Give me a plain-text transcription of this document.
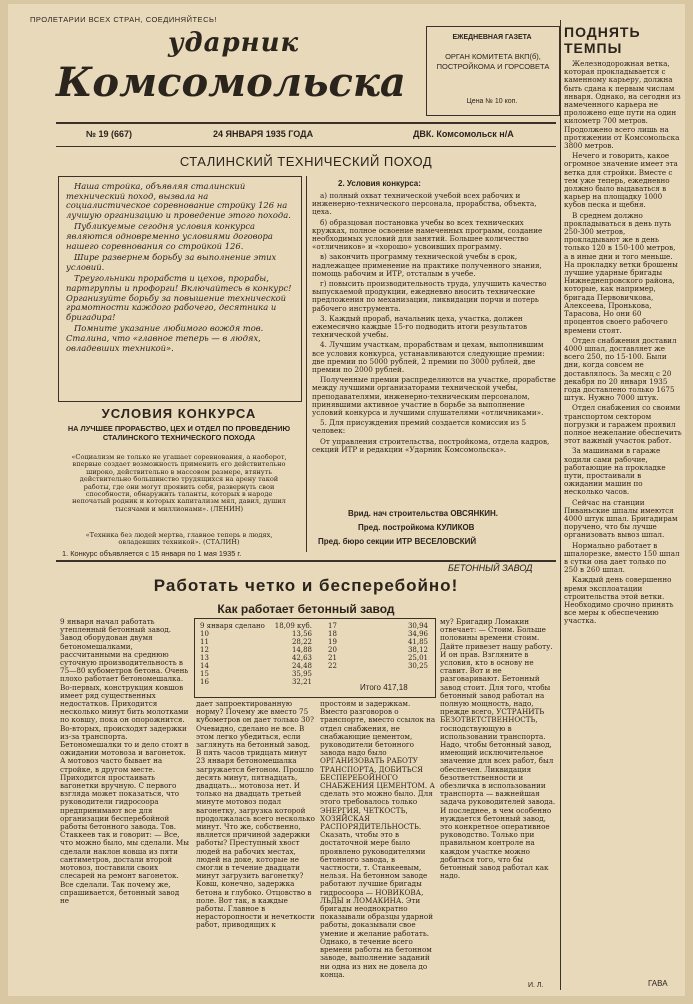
ПРОЛЕТАРИИ ВСЕХ СТРАН, СОЕДИНЯЙТЕСЬ!
ударник
Комсомольска
ЕЖЕДНЕВНАЯ ГАЗЕТА
ОРГАН КОМИТЕТА ВКП(б), ПОСТРОЙКОМА И ГОРСОВЕТА
Цена № 10 коп.
№ 19 (667)	24 ЯНВАРЯ 1935 ГОДА	ДВК. Комсомольск н/А
ПОДНЯТЬ ТЕМПЫ

Железнодорожная ветка, которая прокладывается с каменному карьеру, должна быть сдана к первым числам января. Однако, на сегодня из намеченного карьера не проложено еще пути на один километр 700 метров. Продолжено всего лишь на протяжении от Комсомольска 3800 метров.

Нечего и говорить, какое огромное значение имеет эта ветка для стройки. Вместе с тем уже теперь, ежедневно должно было выдаваться в карьер на площадку 1000 кубов песка и щебня.

В среднем должно прокладываться в день путь 250-300 метров, прокладывают же в день только 120 в 150-100 метров, а в иные дни и того меньше. На прокладку ветки брошены лучшие ударные бригады Нижнеднепровского района, которые, как например, бригада Первовичкова, Алексеева, Пронькова, Тарасова, Но они 60 процентов своего рабочего времени стоят.

Отдел снабжения доставил 4000 шпал, доставляет же всего 250, по 15-100. Были дни, когда совсем не доставлялось. За месяц с 20 декабря по 20 января 1935 года доставлено только 1675 штук. Нужно 7000 штук.

Отдел снабжения со своими транспортом сектором погрузки и гаражем проявил полное нежелание обеспечить этот важный участок работ.

За машинами в гараже ходили сами рабочие, работающие на прокладке пути, простаивали в ожидании машин по несколько часов.

Сейчас на станции Пиваньские шпалы имеются 4000 штук шпал. Бригадирам поручено, что бы лучше организовать вывоз шпал.

Нормально работает в шпалорезке, вместо 150 шпал в сутки она дает только по 250 в 260 шпал.

Каждый день совершенно время эксплоатации строительства этой ветки. Необходимо срочно принять все меры к обеспечению участка.

ГАВА
СТАЛИНСКИЙ ТЕХНИЧЕСКИЙ ПОХОД

Наша стройка, объявляя сталинский технический поход, вызвала на социалистическое соревнование стройку 126 на лучшую организацию и проведение этого похода.

Публикуемые сегодня условия конкурса являются одновременно условиями договора нашего соревнования со стройкой 126.

Шире развернем борьбу за выполнение этих условий.

Треугольники прорабств и цехов, прорабы, партгруппы и профорги! Включайтесь в конкурс! Организуйте борьбу за повышение технической грамотности каждого рабочего, десятника и бригадира!

Помните указание любимого вождя тов. Сталина, что «главное теперь — в людях, овладевших техникой».

УСЛОВИЯ КОНКУРСА
НА ЛУЧШЕЕ ПРОРАБСТВО, ЦЕХ И ОТДЕЛ ПО ПРОВЕДЕНИЮ СТАЛИНСКОГО ТЕХНИЧЕСКОГО ПОХОДА
«Социализм не только не угашает соревнования, а наоборот, впервые создает возможность применить его действительно широко, действительно в массовом размере, втянуть действительно большинство трудящихся на арену такой работы, где они могут проявить себя, развернуть свои способности, обнаружить таланты, которых в народе непочатый родник и которых капитализм мял, давил, душил тысячами и миллионами». (ЛЕНИН)
«Техника без людей мертва, главное теперь в людях, овладевших техникой». (СТАЛИН)
1. Конкурс объявляется с 15 января по 1 мая 1935 г.
2. Условия конкурса:

а) полный охват технической учебой всех рабочих и инженерно-технического персонала, прорабства, объекта, цеха.

б) образцовая постановка учебы во всех технических кружках, полное освоение намеченных программ, создание необходимых условий для занятий. Большее количество «отличников» и «хорошо» усвоивших программу.

в) закончить программу технической учебы в срок, надлежащее применение на практике полученного знания, помощь рабочим и ИТР, отсталым в учебе.

г) повысить производительность труда, улучшить качество выпускаемой продукции, ежедневно вносить технические предложения по механизации, ликвидации порчи и потерь рабочего инструмента.

3. Каждый прораб, начальник цеха, участка, должен ежемесячно каждые 15-го подводить итоги результатов технической учебы.

4. Лучшим участкам, прорабствам и цехам, выполнившим все условия конкурса, устанавливаются следующие премии: две премии по 5000 рублей, 2 премии по 3000 рублей, две премии по 2000 рублей.

Полученные премии распределяются на участке, прорабстве между лучшими организаторами технической учебы, преподавателями, инженерно-техническим персоналом, принявшими активное участие в борьбе за выполнение условий конкурса и лучшими слушателями «отличниками».

5. Для присуждения премий создается комиссия из 5 человек:

От управления строительства, постройкома, отдела кадров, секций ИТР и редакции «Ударник Комсомольска».

Врид. нач строительства ОВСЯНКИН.
Пред. постройкома КУЛИКОВ
Пред. бюро секции ИТР ВЕСЕЛОВСКИЙ
БЕТОННЫЙ ЗАВОД
Работать четко и бесперебойно!
Как работает бетонный завод
9 января сделано	18,09 куб.
10	13,56
11	28,22
12	14,88
13	42,63
14	24,48
15	35,95
16	32,21
17	30,94
18	34,96
19	41,85
20	38,12
21	25,01
22	30,25
Итого 417,18
9 января начал работать утепленный бетонный завод. Завод оборудован двумя бетономешалками, рассчитанными на среднюю суточную производительность в 75—80 кубометров бетона. Очень плохо работает бетономешалка. Во-первых, конструкция ковшов имеет ряд существенных недостатков. Приходится несколько минут бить молотками по ковшу, пока он опорожнится. Во-вторых, происходят задержки из-за транспорта. Бетономешалки то и дело стоят в ожидании мотовоза и вагонеток. А мотовоз часто бывает на стройке, в другом месте. Приходится простаивать вагонетки вручную. С первого взгляда может показаться, что руководители гидросоора предпринимают все для организации бесперебойной работы бетонного завода. Тов. Стаккеев так и говорит: — Все, что можно было, мы сделали. Мы сделали наклон ковша из пяти сантиметров, достали второй мотовоз, поставили своих слесарей на ремонт вагонеток. Все сделали. Так почему же, спрашивается, бетонный завод не
дает запроектированную норму? Почему же вместо 75 кубометров он дает только 30? Очевидно, сделано не все. В этом легко убедиться, если заглянуть на бетонный завод. В пять часов тридцать минут 23 января бетономешалка загружается бетоном. Прошло десять минут, пятнадцать, двадцать... мотовоза нет. И только на двадцать третьей минуте мотовоз подал вагонетку, загрузка которой продолжалась всего несколько минут. Что же, собственно, является причиной задержки работы? Преступный хвост людей на рабочих местах, людей на доке, которые не смогли в течение двадцати минут загрузить вагонетку? Ковш, конечно, задержка бетона и глубоко. Отцовство в поле. Вот так, в каждые работы. Главное в нерасторопности и нечеткости работ, приводящих к
простоям и задержкам. Вместо разговоров о транспорте, вместо ссылок на отдел снабжения, не снабжающие цементом, руководители бетонного завода надо было ОРГАНИЗОВАТЬ РАБОТУ ТРАНСПОРТА, ДОБИТЬСЯ БЕСПЕРЕБОЙНОГО СНАБЖЕНИЯ ЦЕМЕНТОМ. А сделать это можно было. Для этого требовалось только ЭНЕРГИЯ, ЧЕТКОСТЬ, ХОЗЯЙСКАЯ РАСПОРЯДИТЕЛЬНОСТЬ. Сказать, чтобы это в достаточной мере было проявлено руководителями бетонного завода, в частности, т. Станкеевым, нельзя. На бетонном заводе работают лучшие бригады гидросоора — НОВИКОВА, ЛЬДЫ и ЛОМАКИНА. Эти бригады неоднократно показывали образцы ударной работы, доказывали свое умение и желание работать. Однако, в течение всего времени работы на бетонном заводе, выполнение заданий ни одна из них не довела до конца.
му? Бригадир Ломакин отвечает: — Стоим. Больше половины времени стоим. Дайте привезет нашу работу. И он прав. Взгляните в условия, кто в основу не ставит. Вот и не разговаривают. Бетонный завод стоит. Для того, чтобы бетонный завод работал на полную мощность, надо, прежде всего, УСТРАНИТЬ БЕЗОТВЕТСТВЕННОСТЬ, господствующую в использовании транспорта. Надо, чтобы бетонный завод, имеющий исключительное значение для всех работ, был обеспечен. Ликвидация безответственности и обезличка в использовании транспорта — важнейшая задача руководителей завода. И последнее, в чем особенно нуждается бетонный завод, это конкретное оперативное руководство. Только при правильном контроле на каждом участке можно добиться того, что бы бетонный завод работал как надо.
И. Л.
